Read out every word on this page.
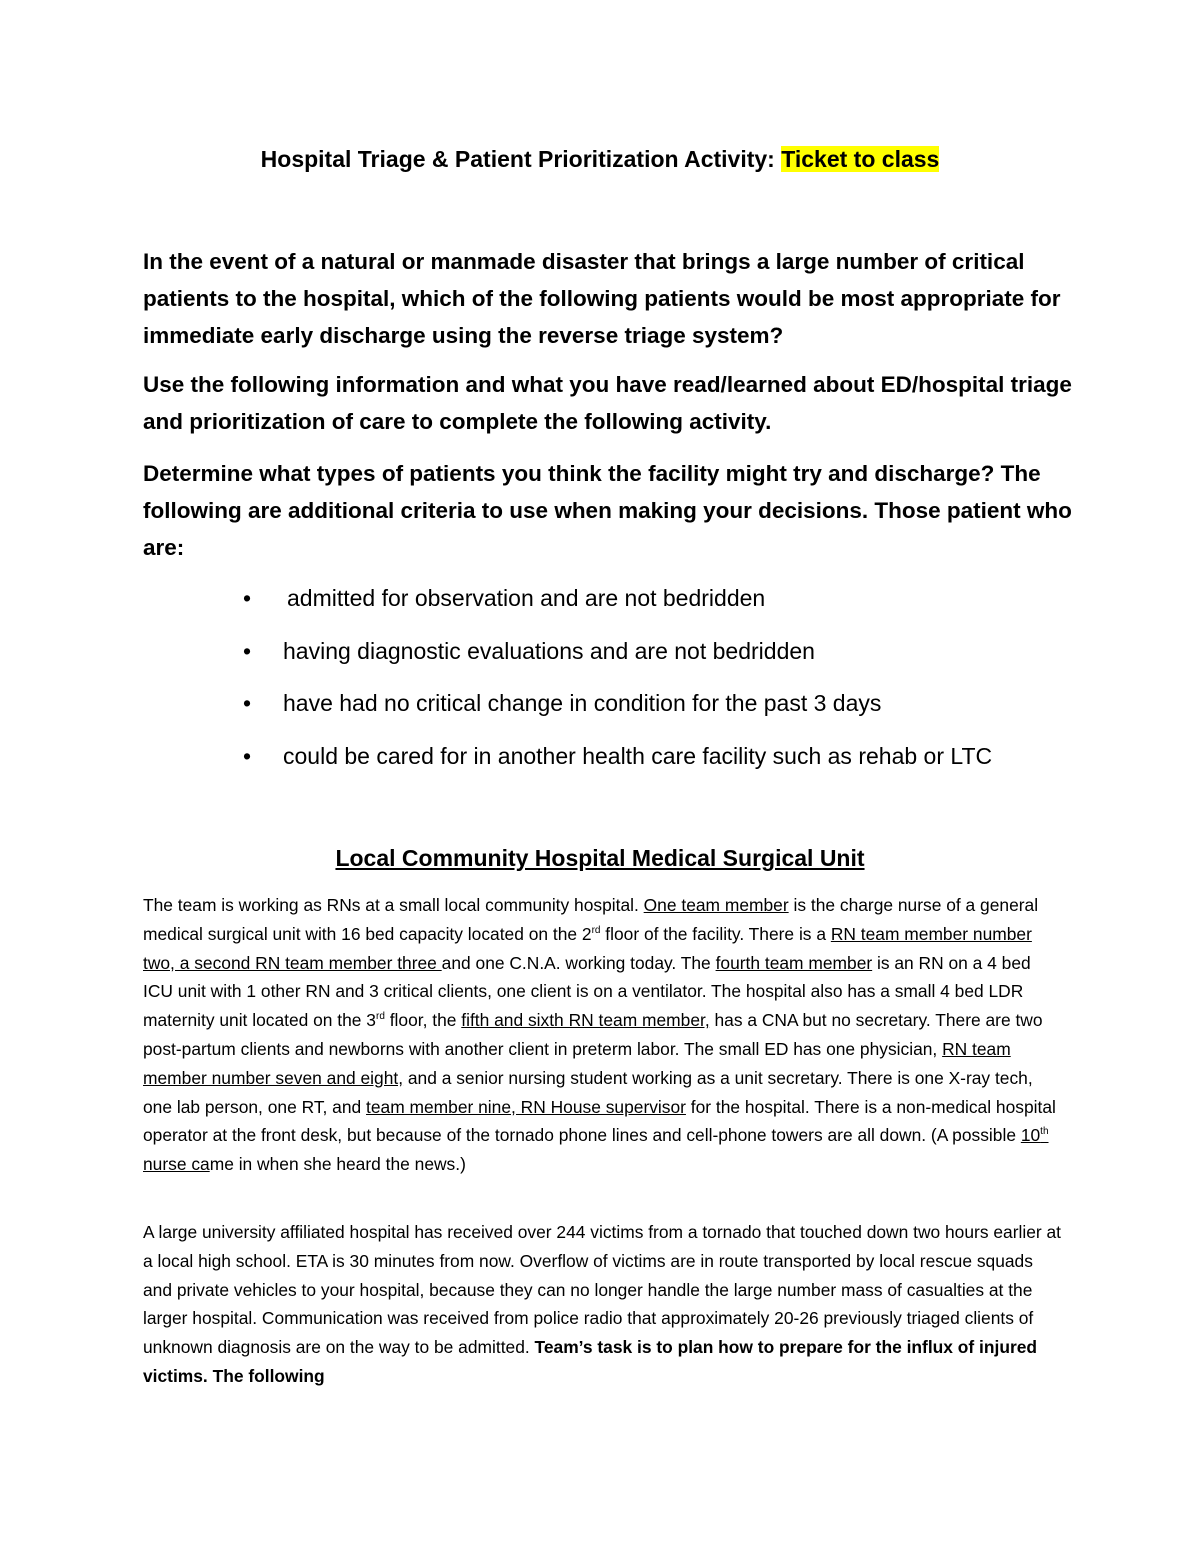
Hospital Triage & Patient Prioritization Activity: Ticket to class

In the event of a natural or manmade disaster that brings a large number of critical patients to the hospital, which of the following patients would be most appropriate for immediate early discharge using the reverse triage system?

Use the following information and what you have read/learned about ED/hospital triage and prioritization of care to complete the following activity.

Determine what types of patients you think the facility might try and discharge? The following are additional criteria to use when making your decisions. Those patient who are:

• admitted for observation and are not bedridden
• having diagnostic evaluations and are not bedridden
• have had no critical change in condition for the past 3 days
• could be cared for in another health care facility such as rehab or LTC
Local Community Hospital Medical Surgical Unit

The team is working as RNs at a small local community hospital. One team member is the charge nurse of a general medical surgical unit with 16 bed capacity located on the 2rd floor of the facility. There is a RN team member number two, a second RN team member three and one C.N.A. working today. The fourth team member is an RN on a 4 bed ICU unit with 1 other RN and 3 critical clients, one client is on a ventilator. The hospital also has a small 4 bed LDR maternity unit located on the 3rd floor, the fifth and sixth RN team member, has a CNA but no secretary. There are two post-partum clients and newborns with another client in preterm labor. The small ED has one physician, RN team member number seven and eight, and a senior nursing student working as a unit secretary. There is one X-ray tech, one lab person, one RT, and team member nine, RN House supervisor for the hospital. There is a non-medical hospital operator at the front desk, but because of the tornado phone lines and cell-phone towers are all down. (A possible 10th nurse came in when she heard the news.)

A large university affiliated hospital has received over 244 victims from a tornado that touched down two hours earlier at a local high school. ETA is 30 minutes from now. Overflow of victims are in route transported by local rescue squads and private vehicles to your hospital, because they can no longer handle the large number mass of casualties at the larger hospital. Communication was received from police radio that approximately 20-26 previously triaged clients of unknown diagnosis are on the way to be admitted. Team’s task is to plan how to prepare for the influx of injured victims. The following
